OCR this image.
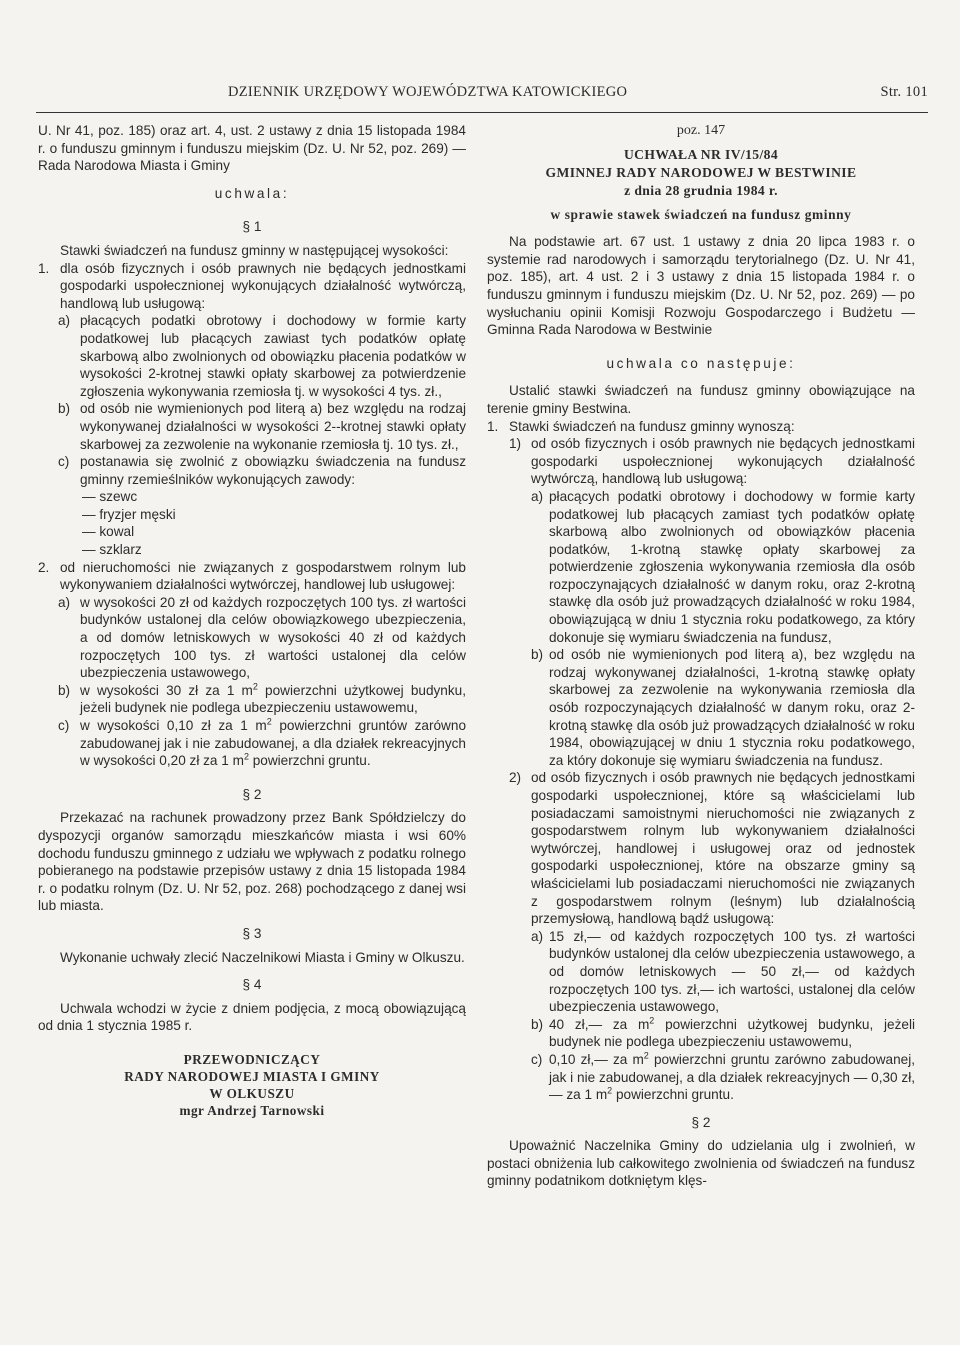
DZIENNIK URZĘDOWY WOJEWÓDZTWA KATOWICKIEGO	Str. 101

U. Nr 41, poz. 185) oraz art. 4, ust. 2 ustawy z dnia 15 listopada 1984 r. o funduszu gminnym i funduszu miejskim (Dz. U. Nr 52, poz. 269) — Rada Narodowa Miasta i Gminy

uchwala:

§ 1

Stawki świadczeń na fundusz gminny w następującej wysokości:

1. dla osób fizycznych i osób prawnych nie będących jednostkami gospodarki uspołecznionej wykonujących działalność wytwórczą, handlową lub usługową:
a) płacących podatki obrotowy i dochodowy w formie karty podatkowej lub płacących zawiast tych podatków opłatę skarbową albo zwolnionych od obowiązku płacenia podatków w wysokości 2-krotnej stawki opłaty skarbowej za potwierdzenie zgłoszenia wykonywania rzemiosła tj. w wysokości 4 tys. zł.,
b) od osób nie wymienionych pod literą a) bez względu na rodzaj wykonywanej działalności w wysokości 2--krotnej stawki opłaty skarbowej za zezwolenie na wykonanie rzemiosła tj. 10 tys. zł.,
c) postanawia się zwolnić z obowiązku świadczenia na fundusz gminny rzemieślników wykonujących zawody:

— szewc

— fryzjer męski

— kowal

— szklarz

2. od nieruchomości nie związanych z gospodarstwem rolnym lub wykonywaniem działalności wytwórczej, handlowej lub usługowej:
a) w wysokości 20 zł od każdych rozpoczętych 100 tys. zł wartości budynków ustalonej dla celów obowiązkowego ubezpieczenia, a od domów letniskowych w wysokości 40 zł od każdych rozpoczętych 100 tys. zł wartości ustalonej dla celów ubezpieczenia ustawowego,
b) w wysokości 30 zł za 1 $m^2$ powierzchni użytkowej budynku, jeżeli budynek nie podlega ubezpieczeniu ustawowemu,
c) w wysokości 0,10 zł za 1 $m^2$ powierzchni gruntów zarówno zabudowanej jak i nie zabudowanej, a dla działek rekreacyjnych w wysokości 0,20 zł za 1 $m^2$ powierzchni gruntu.

§ 2

Przekazać na rachunek prowadzony przez Bank Spółdzielczy do dyspozycji organów samorządu mieszkańców miasta i wsi 60% dochodu funduszu gminnego z udziału we wpływach z podatku rolnego pobieranego na podstawie przepisów ustawy z dnia 15 listopada 1984 r. o podatku rolnym (Dz. U. Nr 52, poz. 268) pochodzącego z danej wsi lub miasta.

§ 3

Wykonanie uchwały zlecić Naczelnikowi Miasta i Gminy w Olkuszu.

§ 4

Uchwala wchodzi w życie z dniem podjęcia, z mocą obowiązującą od dnia 1 stycznia 1985 r.

PRZEWODNICZĄCY
RADY NARODOWEJ MIASTA I GMINY
W OLKUSZU
mgr Andrzej Tarnowski

poz. 147

UCHWAŁA NR IV/15/84
GMINNEJ RADY NARODOWEJ W BESTWINIE
z dnia 28 grudnia 1984 r.

w sprawie stawek świadczeń na fundusz gminny

Na podstawie art. 67 ust. 1 ustawy z dnia 20 lipca 1983 r. o systemie rad narodowych i samorządu terytorialnego (Dz. U. Nr 41, poz. 185), art. 4 ust. 2 i 3 ustawy z dnia 15 listopada 1984 r. o funduszu gminnym i funduszu miejskim (Dz. U. Nr 52, poz. 269) — po wysłuchaniu opinii Komisji Rozwoju Gospodarczego i Budżetu — Gminna Rada Narodowa w Bestwinie

uchwala co następuje:

Ustalić stawki świadczeń na fundusz gminny obowiązujące na terenie gminy Bestwina.

1. Stawki świadczeń na fundusz gminny wynoszą:
1) od osób fizycznych i osób prawnych nie będących jednostkami gospodarki uspołecznionej wykonujących działalność wytwórczą, handlową lub usługową:
a) płacących podatki obrotowy i dochodowy w formie karty podatkowej lub płacących zamiast tych podatków opłatę skarbową albo zwolnionych od obowiązków płacenia podatków, 1-krotną stawkę opłaty skarbowej za potwierdzenie zgłoszenia wykonywania rzemiosła dla osób rozpoczynających działalność w danym roku, oraz 2-krotną stawkę dla osób już prowadzących działalność w roku 1984, obowiązującą w dniu 1 stycznia roku podatkowego, za który dokonuje się wymiaru świadczenia na fundusz,
b) od osób nie wymienionych pod literą a), bez względu na rodzaj wykonywanej działalności, 1-krotną stawkę opłaty skarbowej za zezwolenie na wykonywania rzemiosła dla osób rozpoczynających działalność w danym roku, oraz 2-krotną stawkę dla osób już prowadzących działalność w roku 1984, obowiązującej w dniu 1 stycznia roku podatkowego, za który dokonuje się wymiaru świadczenia na fundusz.
2) od osób fizycznych i osób prawnych nie będących jednostkami gospodarki uspołecznionej, które są właścicielami lub posiadaczami samoistnymi nieruchomości nie związanych z gospodarstwem rolnym lub wykonywaniem działalności wytwórczej, handlowej i usługowej oraz od jednostek gospodarki uspołecznionej, które na obszarze gminy są właścicielami lub posiadaczami nieruchomości nie związanych z gospodarstwem rolnym (leśnym) lub działalnością przemysłową, handlową bądź usługową:
a) 15 zł,— od każdych rozpoczętych 100 tys. zł wartości budynków ustalonej dla celów ubezpieczenia ustawowego, a od domów letniskowych — 50 zł,— od każdych rozpoczętych 100 tys. zł,— ich wartości, ustalonej dla celów ubezpieczenia ustawowego,
b) 40 zł,— za $m^2$ powierzchni użytkowej budynku, jeżeli budynek nie podlega ubezpieczeniu ustawowemu,
c) 0,10 zł,— za $m^2$ powierzchni gruntu zarówno zabudowanej, jak i nie zabudowanej, a dla działek rekreacyjnych — 0,30 zł,— za 1 $m^2$ powierzchni gruntu.

§ 2

Upoważnić Naczelnika Gminy do udzielania ulg i zwolnień, w postaci obniżenia lub całkowitego zwolnienia od świadczeń na fundusz gminny podatnikom dotkniętym klęs-
